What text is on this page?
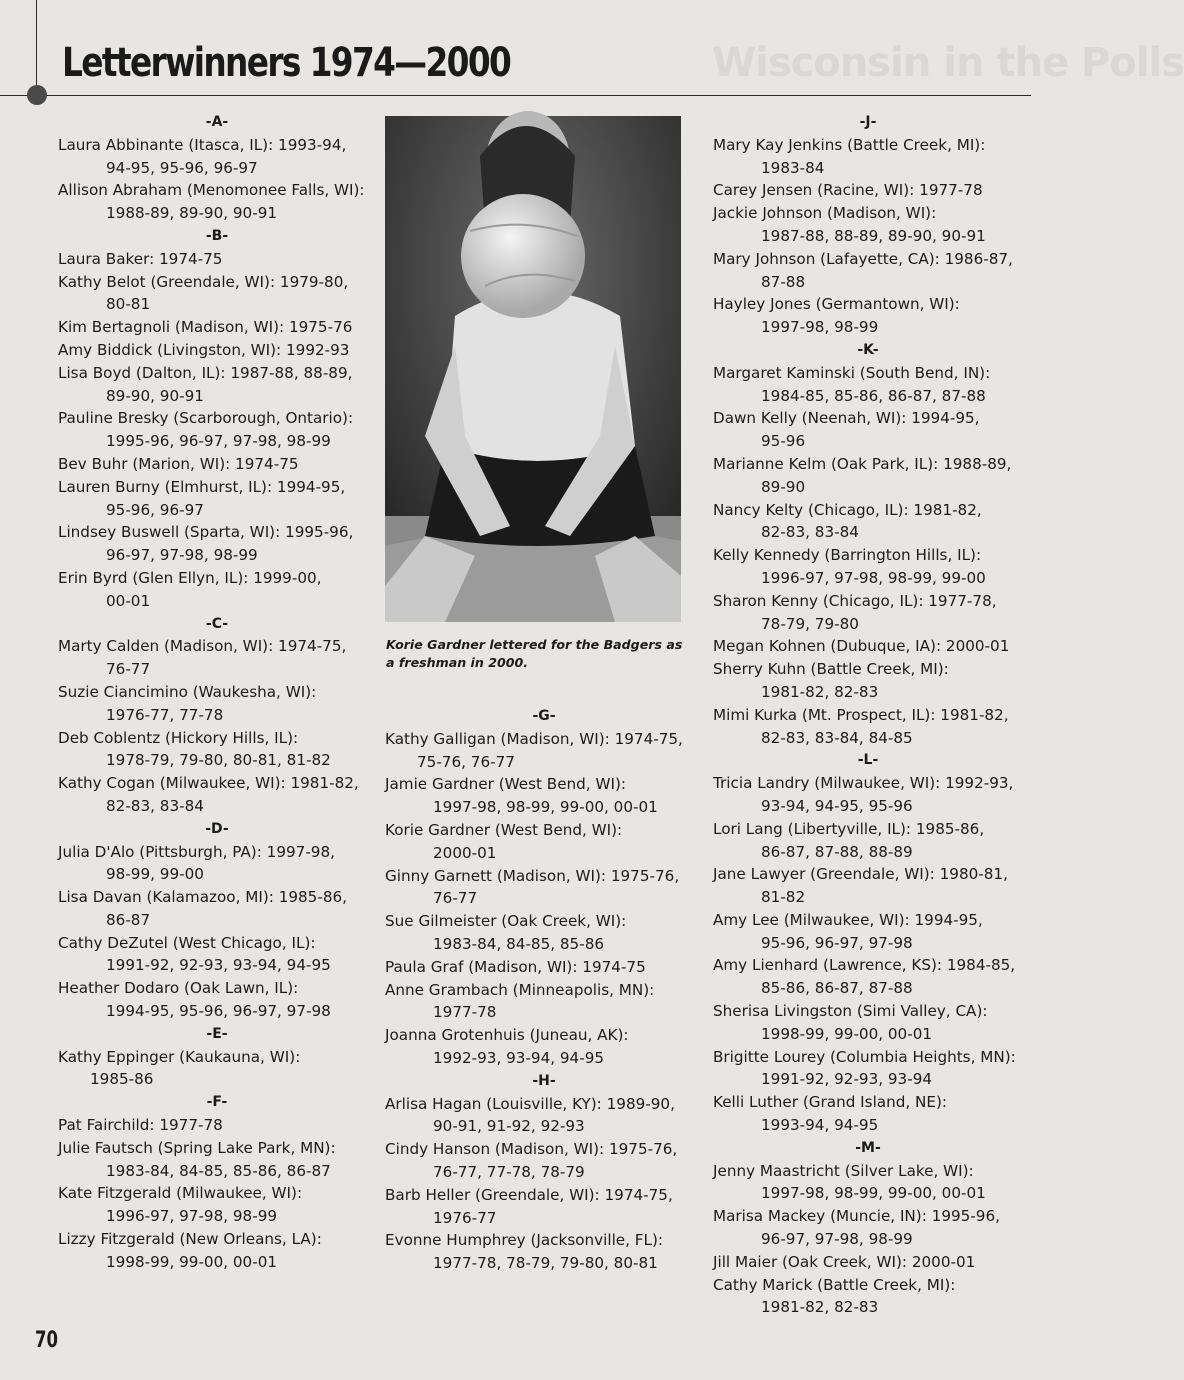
Wisconsin in the Polls
Letterwinners 1974—2000
-A-
Laura Abbinante (Itasca, IL): 1993-94,
94-95, 95-96, 96-97
Allison Abraham (Menomonee Falls, WI):
1988-89, 89-90, 90-91
-B-
Laura Baker: 1974-75
Kathy Belot (Greendale, WI): 1979-80,
80-81
Kim Bertagnoli (Madison, WI): 1975-76
Amy Biddick (Livingston, WI): 1992-93
Lisa Boyd (Dalton, IL): 1987-88, 88-89,
89-90, 90-91
Pauline Bresky (Scarborough, Ontario):
1995-96, 96-97, 97-98, 98-99
Bev Buhr (Marion, WI): 1974-75
Lauren Burny (Elmhurst, IL): 1994-95,
95-96, 96-97
Lindsey Buswell (Sparta, WI): 1995-96,
96-97, 97-98, 98-99
Erin Byrd (Glen Ellyn, IL): 1999-00,
00-01
-C-
Marty Calden (Madison, WI): 1974-75,
76-77
Suzie Ciancimino (Waukesha, WI):
1976-77, 77-78
Deb Coblentz (Hickory Hills, IL):
1978-79, 79-80, 80-81, 81-82
Kathy Cogan (Milwaukee, WI): 1981-82,
82-83, 83-84
-D-
Julia D'Alo (Pittsburgh, PA): 1997-98,
98-99, 99-00
Lisa Davan (Kalamazoo, MI): 1985-86,
86-87
Cathy DeZutel (West Chicago, IL):
1991-92, 92-93, 93-94, 94-95
Heather Dodaro (Oak Lawn, IL):
1994-95, 95-96, 96-97, 97-98
-E-
Kathy Eppinger (Kaukauna, WI):
1985-86
-F-
Pat Fairchild: 1977-78
Julie Fautsch (Spring Lake Park, MN):
1983-84, 84-85, 85-86, 86-87
Kate Fitzgerald (Milwaukee, WI):
1996-97, 97-98, 98-99
Lizzy Fitzgerald (New Orleans, LA):
1998-99, 99-00, 00-01
Korie Gardner lettered for the Badgers as a freshman in 2000.
-G-
Kathy Galligan (Madison, WI): 1974-75,
75-76, 76-77
Jamie Gardner (West Bend, WI):
1997-98, 98-99, 99-00, 00-01
Korie Gardner (West Bend, WI):
2000-01
Ginny Garnett (Madison, WI): 1975-76,
76-77
Sue Gilmeister (Oak Creek, WI):
1983-84, 84-85, 85-86
Paula Graf (Madison, WI): 1974-75
Anne Grambach (Minneapolis, MN):
1977-78
Joanna Grotenhuis (Juneau, AK):
1992-93, 93-94, 94-95
-H-
Arlisa Hagan (Louisville, KY): 1989-90,
90-91, 91-92, 92-93
Cindy Hanson (Madison, WI): 1975-76,
76-77, 77-78, 78-79
Barb Heller (Greendale, WI): 1974-75,
1976-77
Evonne Humphrey (Jacksonville, FL):
1977-78, 78-79, 79-80, 80-81
-J-
Mary Kay Jenkins (Battle Creek, MI):
1983-84
Carey Jensen (Racine, WI): 1977-78
Jackie Johnson (Madison, WI):
1987-88, 88-89, 89-90, 90-91
Mary Johnson (Lafayette, CA): 1986-87,
87-88
Hayley Jones (Germantown, WI):
1997-98, 98-99
-K-
Margaret Kaminski (South Bend, IN):
1984-85, 85-86, 86-87, 87-88
Dawn Kelly (Neenah, WI): 1994-95,
95-96
Marianne Kelm (Oak Park, IL): 1988-89,
89-90
Nancy Kelty (Chicago, IL): 1981-82,
82-83, 83-84
Kelly Kennedy (Barrington Hills, IL):
1996-97, 97-98, 98-99, 99-00
Sharon Kenny (Chicago, IL): 1977-78,
78-79, 79-80
Megan Kohnen (Dubuque, IA): 2000-01
Sherry Kuhn (Battle Creek, MI):
1981-82, 82-83
Mimi Kurka (Mt. Prospect, IL): 1981-82,
82-83, 83-84, 84-85
-L-
Tricia Landry (Milwaukee, WI): 1992-93,
93-94, 94-95, 95-96
Lori Lang (Libertyville, IL): 1985-86,
86-87, 87-88, 88-89
Jane Lawyer (Greendale, WI): 1980-81,
81-82
Amy Lee (Milwaukee, WI): 1994-95,
95-96, 96-97, 97-98
Amy Lienhard (Lawrence, KS): 1984-85,
85-86, 86-87, 87-88
Sherisa Livingston (Simi Valley, CA):
1998-99, 99-00, 00-01
Brigitte Lourey (Columbia Heights, MN):
1991-92, 92-93, 93-94
Kelli Luther (Grand Island, NE):
1993-94, 94-95
-M-
Jenny Maastricht (Silver Lake, WI):
1997-98, 98-99, 99-00, 00-01
Marisa Mackey (Muncie, IN): 1995-96,
96-97, 97-98, 98-99
Jill Maier (Oak Creek, WI): 2000-01
Cathy Marick (Battle Creek, MI):
1981-82, 82-83
70
